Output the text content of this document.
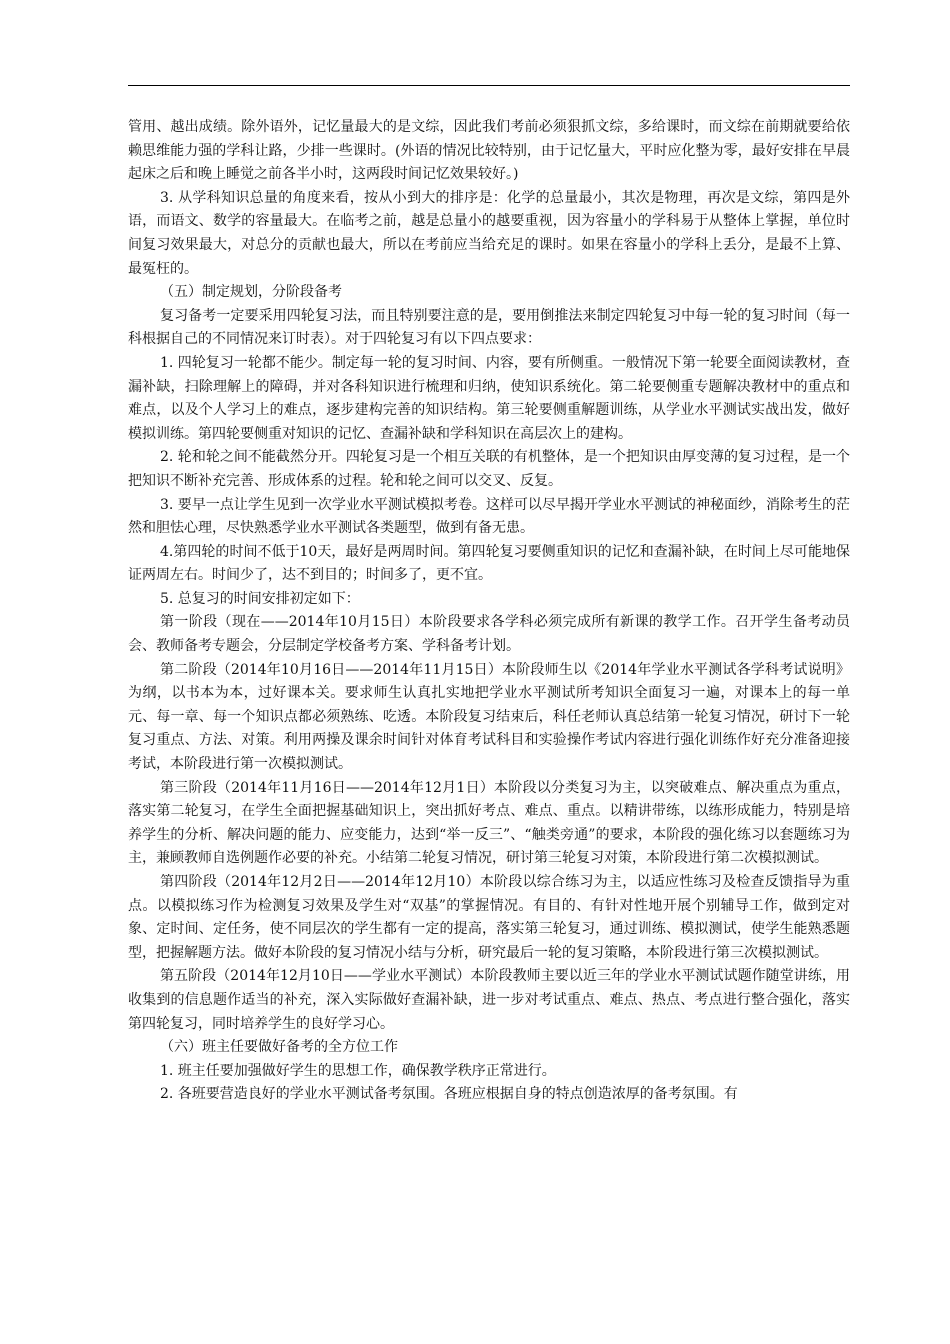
管用、越出成绩。除外语外，记忆量最大的是文综，因此我们考前必须狠抓文综，多给课时，而文综在前期就要给依赖思维能力强的学科让路，少排一些课时。(外语的情况比较特别，由于记忆量大，平时应化整为零，最好安排在早晨起床之后和晚上睡觉之前各半小时，这两段时间记忆效果较好。)

3. 从学科知识总量的角度来看，按从小到大的排序是：化学的总量最小，其次是物理，再次是文综，第四是外语，而语文、数学的容量最大。在临考之前，越是总量小的越要重视，因为容量小的学科易于从整体上掌握，单位时间复习效果最大，对总分的贡献也最大，所以在考前应当给充足的课时。如果在容量小的学科上丢分，是最不上算、最冤枉的。

（五）制定规划，分阶段备考

复习备考一定要采用四轮复习法，而且特别要注意的是，要用倒推法来制定四轮复习中每一轮的复习时间（每一科根据自己的不同情况来订时表）。对于四轮复习有以下四点要求：

1. 四轮复习一轮都不能少。制定每一轮的复习时间、内容，要有所侧重。一般情况下第一轮要全面阅读教材，查漏补缺，扫除理解上的障碍，并对各科知识进行梳理和归纳，使知识系统化。第二轮要侧重专题解决教材中的重点和难点，以及个人学习上的难点，逐步建构完善的知识结构。第三轮要侧重解题训练，从学业水平测试实战出发，做好模拟训练。第四轮要侧重对知识的记忆、查漏补缺和学科知识在高层次上的建构。

2. 轮和轮之间不能截然分开。四轮复习是一个相互关联的有机整体，是一个把知识由厚变薄的复习过程，是一个把知识不断补充完善、形成体系的过程。轮和轮之间可以交叉、反复。

3. 要早一点让学生见到一次学业水平测试模拟考卷。这样可以尽早揭开学业水平测试的神秘面纱，消除考生的茫然和胆怯心理，尽快熟悉学业水平测试各类题型，做到有备无患。

4.第四轮的时间不低于10天，最好是两周时间。第四轮复习要侧重知识的记忆和查漏补缺，在时间上尽可能地保证两周左右。时间少了，达不到目的；时间多了，更不宜。

5. 总复习的时间安排初定如下：

第一阶段（现在——2014年10月15日）本阶段要求各学科必须完成所有新课的教学工作。召开学生备考动员会、教师备考专题会，分层制定学校备考方案、学科备考计划。

第二阶段（2014年10月16日——2014年11月15日）本阶段师生以《2014年学业水平测试各学科考试说明》为纲，以书本为本，过好课本关。要求师生认真扎实地把学业水平测试所考知识全面复习一遍，对课本上的每一单元、每一章、每一个知识点都必须熟练、吃透。本阶段复习结束后，科任老师认真总结第一轮复习情况，研讨下一轮复习重点、方法、对策。利用两操及课余时间针对体育考试科目和实验操作考试内容进行强化训练作好充分准备迎接考试，本阶段进行第一次模拟测试。

第三阶段（2014年11月16日——2014年12月1日）本阶段以分类复习为主，以突破难点、解决重点为重点，落实第二轮复习，在学生全面把握基础知识上，突出抓好考点、难点、重点。以精讲带练，以练形成能力，特别是培养学生的分析、解决问题的能力、应变能力，达到“举一反三”、“触类旁通”的要求，本阶段的强化练习以套题练习为主，兼顾教师自选例题作必要的补充。小结第二轮复习情况，研讨第三轮复习对策，本阶段进行第二次模拟测试。

第四阶段（2014年12月2日——2014年12月10）本阶段以综合练习为主，以适应性练习及检查反馈指导为重点。以模拟练习作为检测复习效果及学生对“双基”的掌握情况。有目的、有针对性地开展个别辅导工作，做到定对象、定时间、定任务，使不同层次的学生都有一定的提高，落实第三轮复习，通过训练、模拟测试，使学生能熟悉题型，把握解题方法。做好本阶段的复习情况小结与分析，研究最后一轮的复习策略，本阶段进行第三次模拟测试。

第五阶段（2014年12月10日——学业水平测试）本阶段教师主要以近三年的学业水平测试试题作随堂讲练，用收集到的信息题作适当的补充，深入实际做好查漏补缺，进一步对考试重点、难点、热点、考点进行整合强化，落实第四轮复习，同时培养学生的良好学习心。

（六）班主任要做好备考的全方位工作

1. 班主任要加强做好学生的思想工作，确保教学秩序正常进行。

2. 各班要营造良好的学业水平测试备考氛围。各班应根据自身的特点创造浓厚的备考氛围。有
